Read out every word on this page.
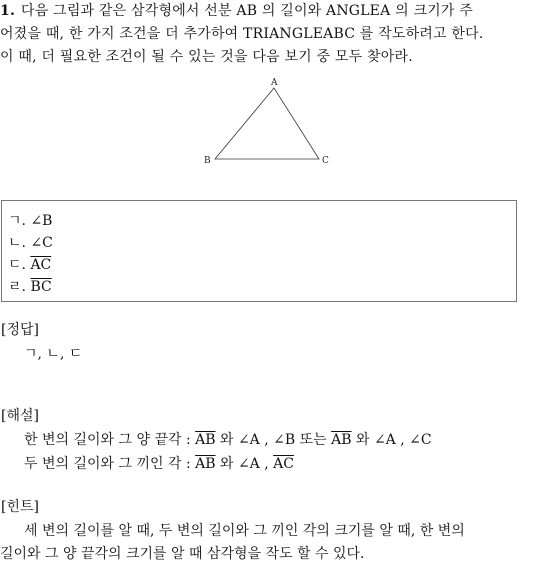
1. 다음 그림과 같은 삼각형에서 선분 AB 의 길이와 ANGLEA 의 크기가 주
어졌을 때, 한 가지 조건을 더 추가하여 TRIANGLEABC 를 작도하려고 한다.
이 때, 더 필요한 조건이 될 수 있는 것을 다음 보기 중 모두 찾아라.
A
B	C
ㄱ. ∠B
ㄴ. ∠C
ㄷ. $\overline{AC}$
ㄹ. $\overline{BC}$
[정답]
ㄱ, ㄴ, ㄷ
[해설]
한 변의 길이와 그 양 끝각 : $\overline{AB}$ 와 ∠A , ∠B 또는 $\overline{AB}$ 와 ∠A , ∠C
두 변의 길이와 그 끼인 각 : $\overline{AB}$ 와 ∠A , $\overline{AC}$
[힌트]
세 변의 길이를 알 때, 두 변의 길이와 그 끼인 각의 크기를 알 때, 한 변의
길이와 그 양 끝각의 크기를 알 때 삼각형을 작도 할 수 있다.
